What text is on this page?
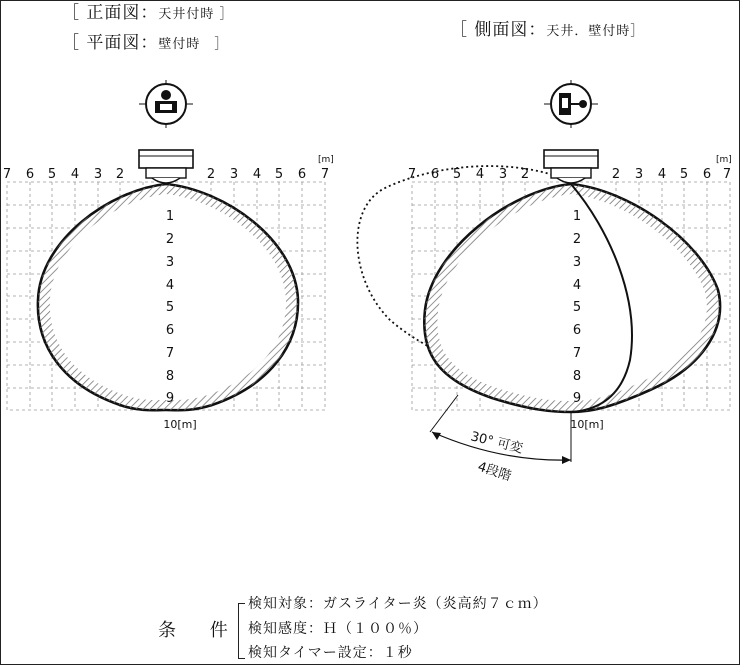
［ 正面図：天井付時 ］
［ 平面図：壁付時　］
［ 側面図：天井．壁付時］
7 6 5 4 3 2	2 3 4 5 6 7
[m]
1
2
3
4
5
6
7
8
9
10[m]
7 6 5 4 3 2	2 3 4 5 6 7
[m]
1
2
3
4
5
6
7
8
9
10[m]
30° 可変
4段階
条 件
検知対象：ガスライター炎（炎高約７ｃｍ）
検知感度：Ｈ（１００％）
検知タイマー設定：１秒
